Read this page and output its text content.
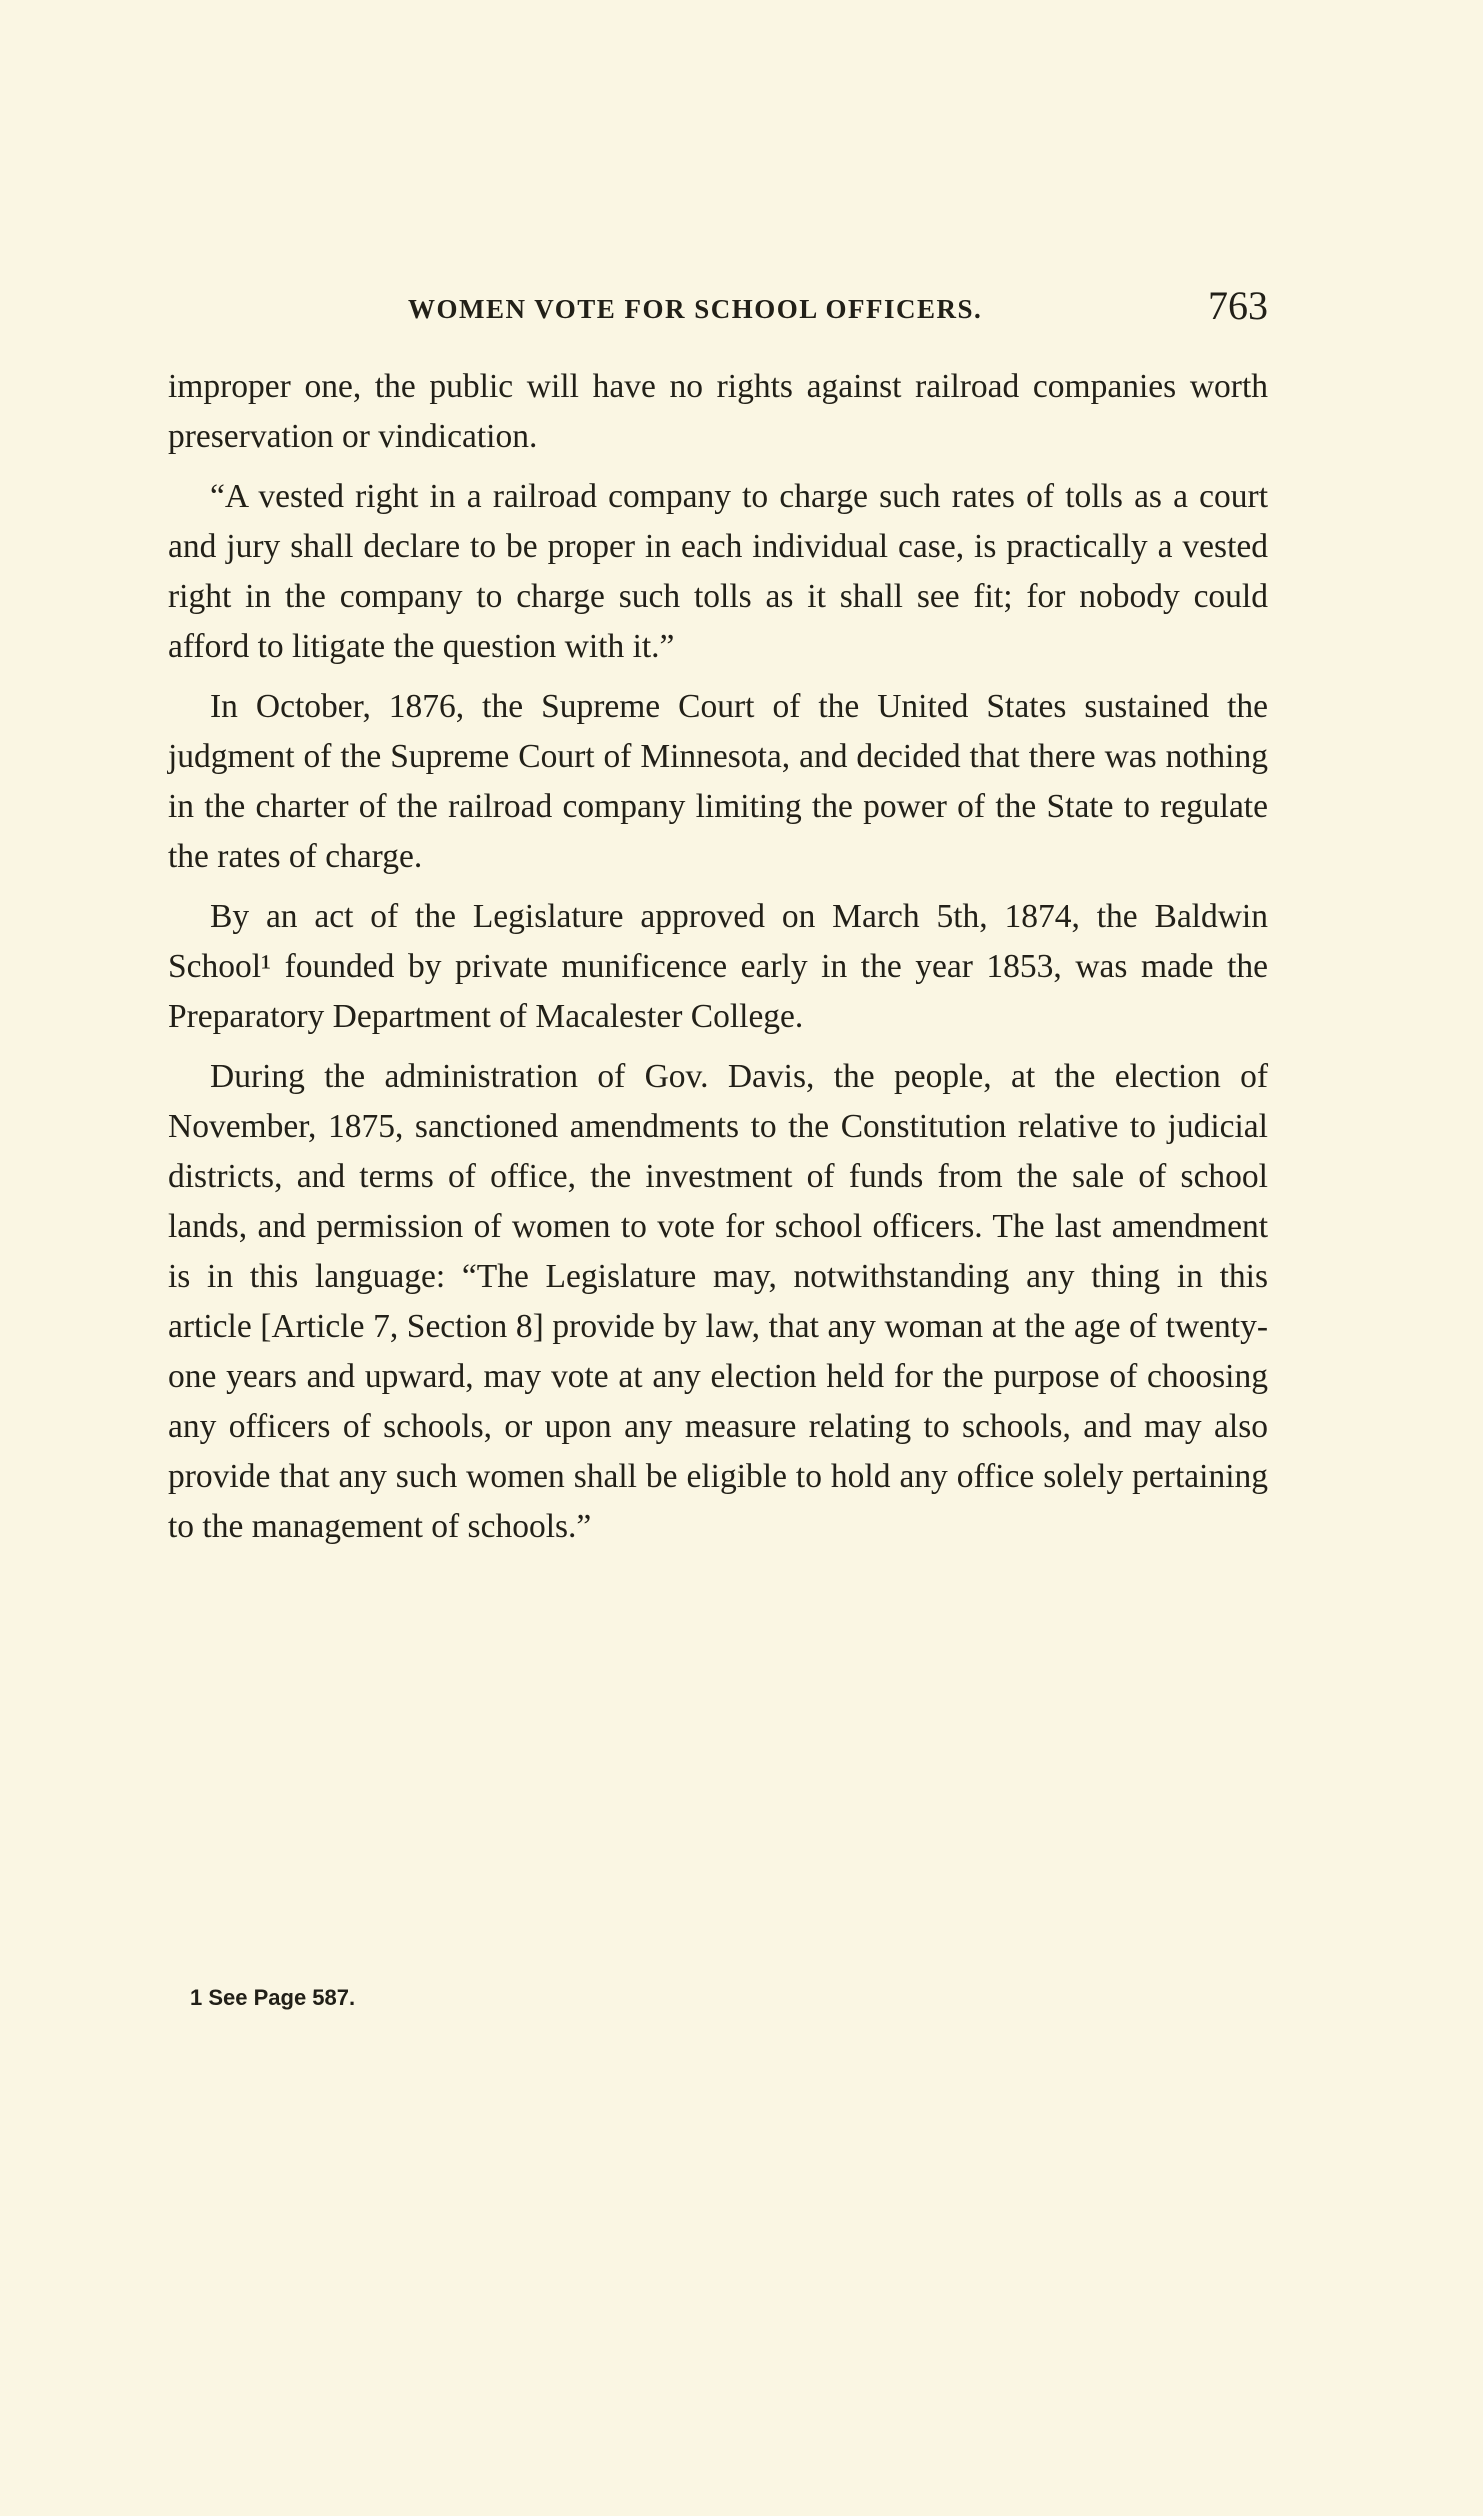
WOMEN VOTE FOR SCHOOL OFFICERS.	763

improper one, the public will have no rights against railroad companies worth preservation or vindication.

“A vested right in a railroad company to charge such rates of tolls as a court and jury shall declare to be proper in each individual case, is practically a vested right in the company to charge such tolls as it shall see fit; for nobody could afford to litigate the question with it.”

In October, 1876, the Supreme Court of the United States sustained the judgment of the Supreme Court of Minnesota, and decided that there was nothing in the charter of the railroad company limiting the power of the State to regulate the rates of charge.

By an act of the Legislature approved on March 5th, 1874, the Baldwin School¹ founded by private munificence early in the year 1853, was made the Preparatory Department of Macalester College.

During the administration of Gov. Davis, the people, at the election of November, 1875, sanctioned amendments to the Constitution relative to judicial districts, and terms of office, the investment of funds from the sale of school lands, and permission of women to vote for school officers. The last amendment is in this language: “The Legislature may, notwithstanding any thing in this article [Article 7, Section 8] provide by law, that any woman at the age of twenty-one years and upward, may vote at any election held for the purpose of choosing any officers of schools, or upon any measure relating to schools, and may also provide that any such women shall be eligible to hold any office solely pertaining to the management of schools.”

1 See Page 587.
